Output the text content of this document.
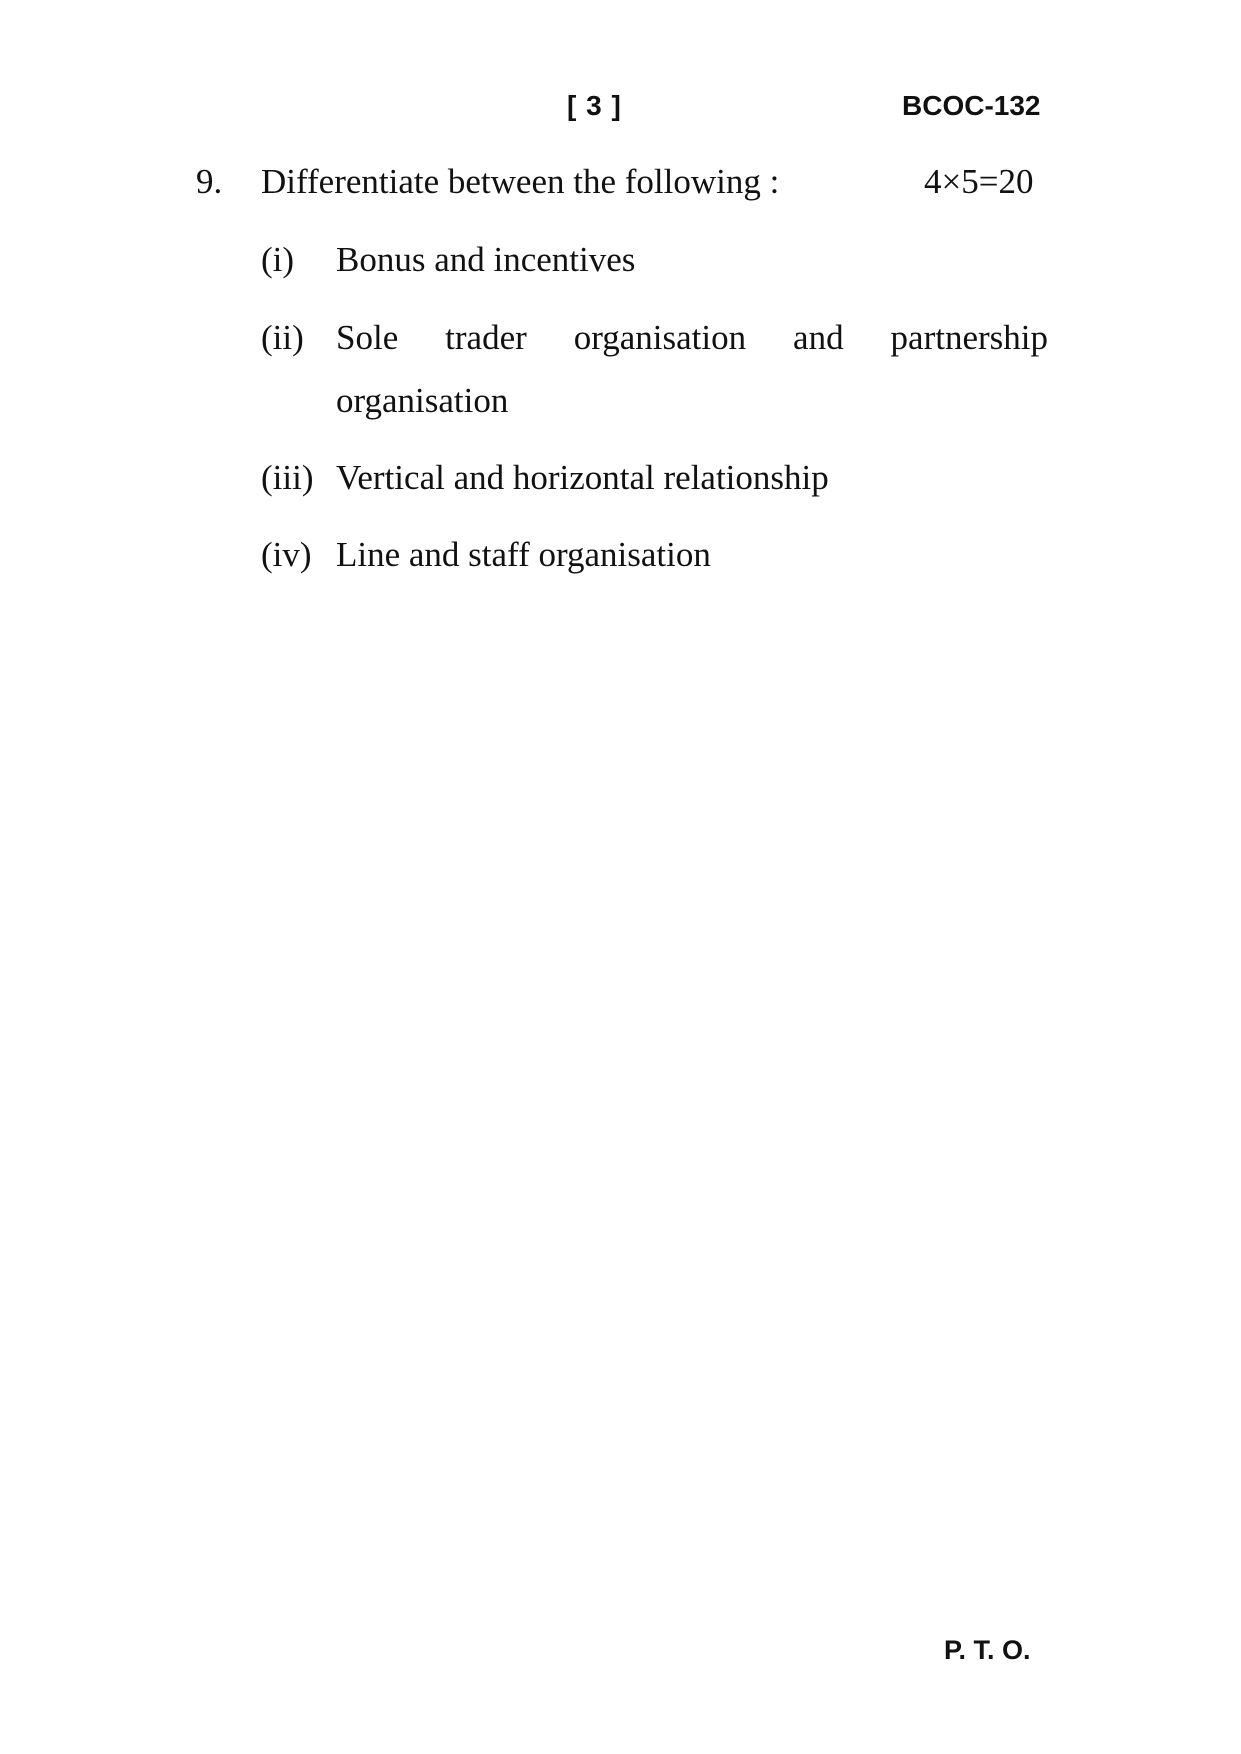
[ 3 ]	BCOC-132
9. Differentiate between the following :	4×5=20
(i) Bonus and incentives
(ii) Sole trader organisation and partnership
organisation
(iii) Vertical and horizontal relationship
(iv) Line and staff organisation
P. T. O.
